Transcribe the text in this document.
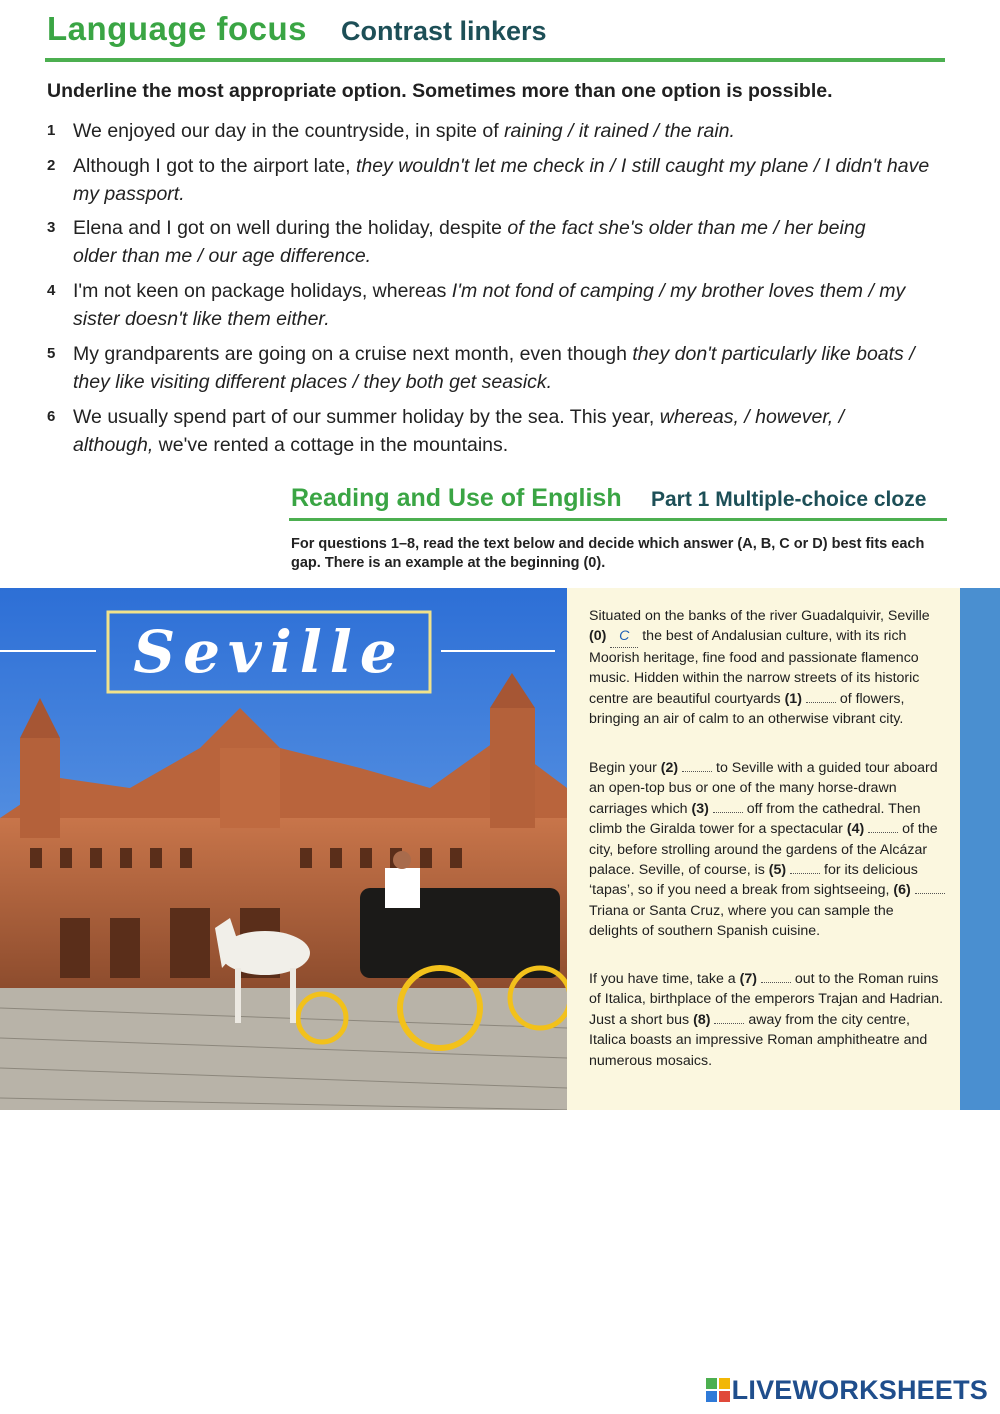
Language focus Contrast linkers
Underline the most appropriate option. Sometimes more than one option is possible.
1 We enjoyed our day in the countryside, in spite of raining / it rained / the rain.
2 Although I got to the airport late, they wouldn't let me check in / I still caught my plane / I didn't have my passport.
3 Elena and I got on well during the holiday, despite of the fact she's older than me / her being older than me / our age difference.
4 I'm not keen on package holidays, whereas I'm not fond of camping / my brother loves them / my sister doesn't like them either.
5 My grandparents are going on a cruise next month, even though they don't particularly like boats / they like visiting different places / they both get seasick.
6 We usually spend part of our summer holiday by the sea. This year, whereas, / however, / although, we've rented a cottage in the mountains.
Reading and Use of English Part 1 Multiple-choice cloze
For questions 1–8, read the text below and decide which answer (A, B, C or D) best fits each gap. There is an example at the beginning (0).
Seville
Situated on the banks of the river Guadalquivir, Seville (0) C the best of Andalusian culture, with its rich Moorish heritage, fine food and passionate flamenco music. Hidden within the narrow streets of its historic centre are beautiful courtyards (1)  of flowers, bringing an air of calm to an otherwise vibrant city.
Begin your (2)  to Seville with a guided tour aboard an open-top bus or one of the many horse-drawn carriages which (3)  off from the cathedral. Then climb the Giralda tower for a spectacular (4)  of the city, before strolling around the gardens of the Alcázar palace. Seville, of course, is (5)  for its delicious ‘tapas’, so if you need a break from sightseeing, (6)  Triana or Santa Cruz, where you can sample the delights of southern Spanish cuisine.
If you have time, take a (7)  out to the Roman ruins of Italica, birthplace of the emperors Trajan and Hadrian. Just a short bus (8)  away from the city centre, Italica boasts an impressive Roman amphitheatre and numerous mosaics.
LIVEWORKSHEETS
